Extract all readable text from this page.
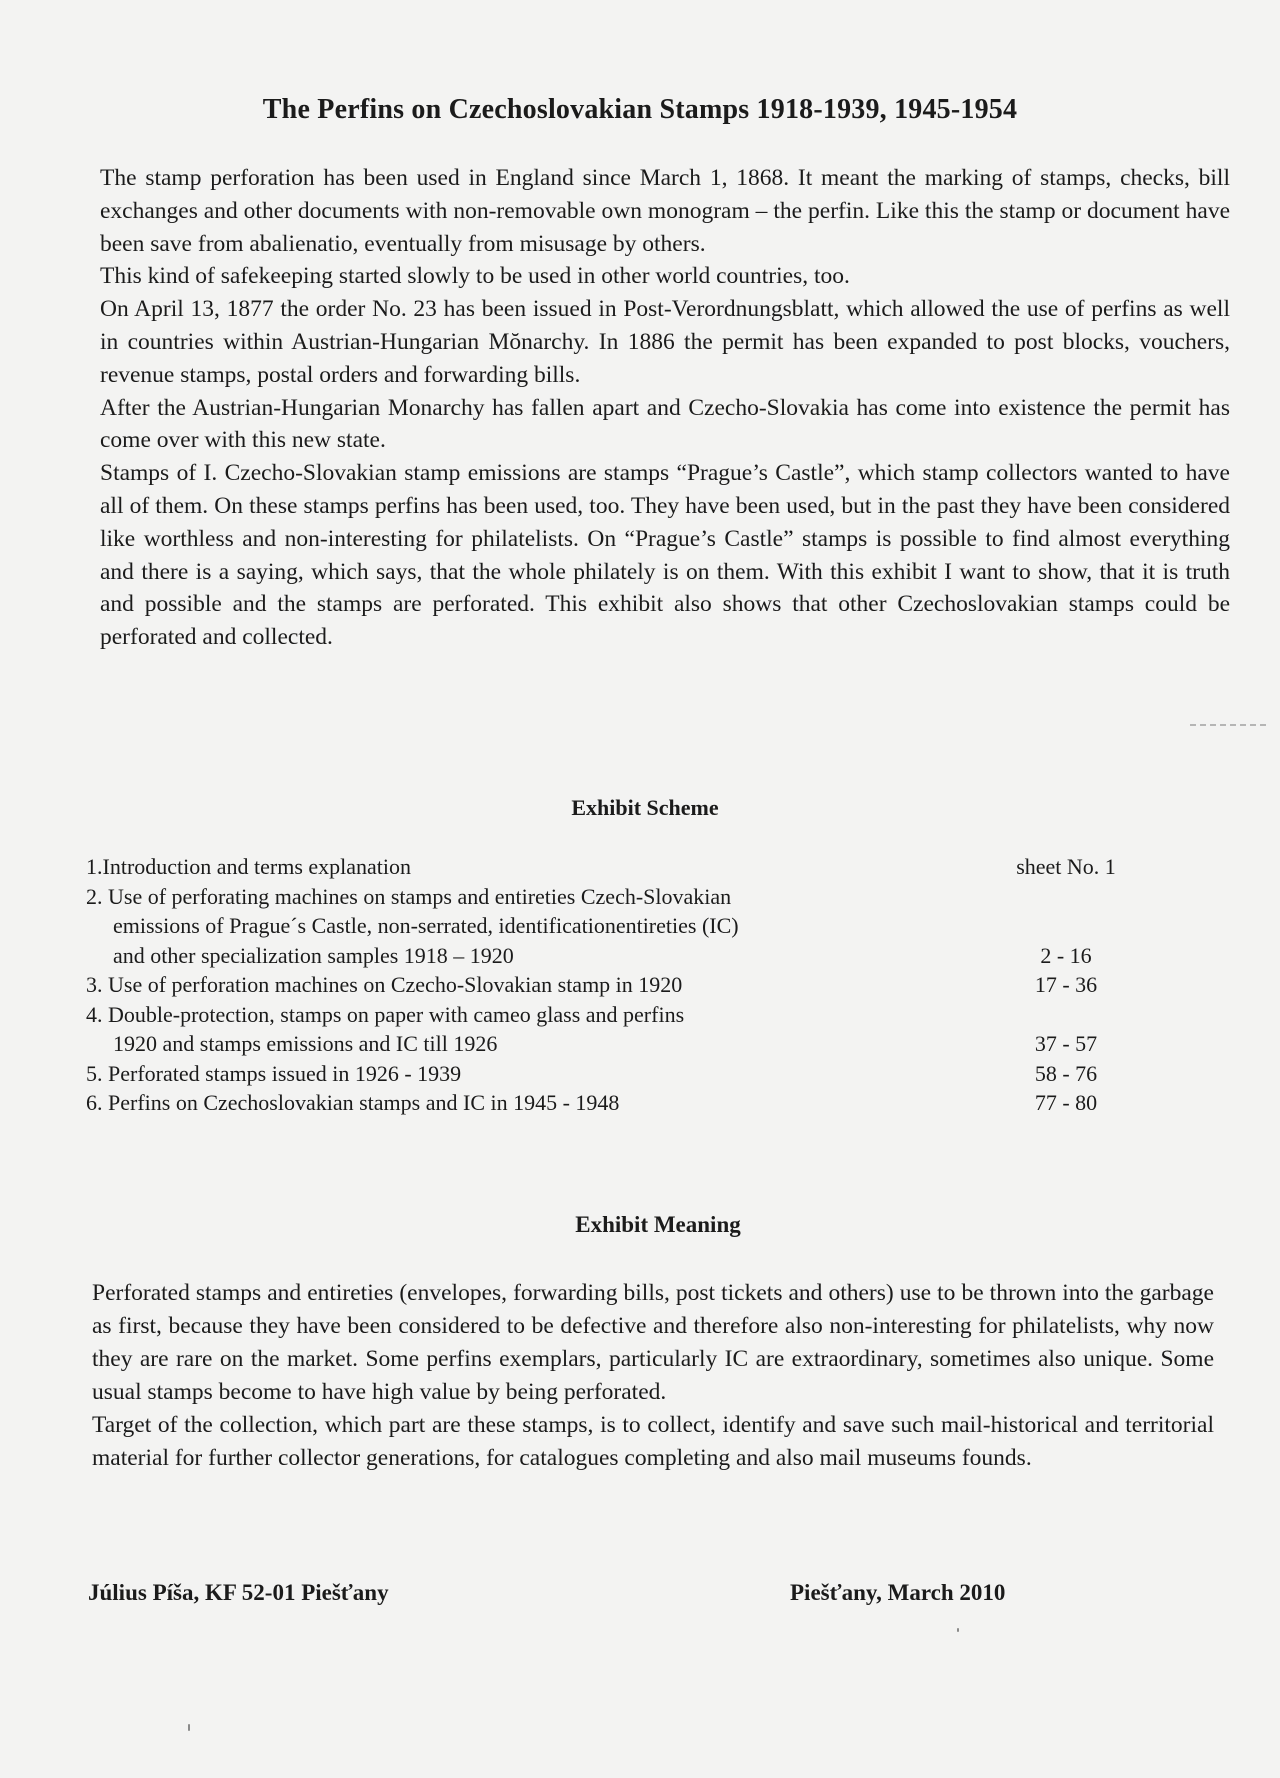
The Perfins on Czechoslovakian Stamps 1918-1939, 1945-1954

The stamp perforation has been used in England since March 1, 1868. It meant the marking of stamps, checks, bill exchanges and other documents with non-removable own monogram – the perfin. Like this the stamp or document have been save from abalienatio, eventually from misusage by others.

This kind of safekeeping started slowly to be used in other world countries, too.

On April 13, 1877 the order No. 23 has been issued in Post-Verordnungsblatt, which allowed the use of perfins as well in countries within Austrian-Hungarian Mŏnarchy. In 1886 the permit has been expanded to post blocks, vouchers, revenue stamps, postal orders and forwarding bills.

After the Austrian-Hungarian Monarchy has fallen apart and Czecho-Slovakia has come into existence the permit has come over with this new state.

Stamps of I. Czecho-Slovakian stamp emissions are stamps “Prague’s Castle”, which stamp collectors wanted to have all of them. On these stamps perfins has been used, too. They have been used, but in the past they have been considered like worthless and non-interesting for philatelists. On “Prague’s Castle” stamps is possible to find almost everything and there is a saying, which says, that the whole philately is on them. With this exhibit I want to show, that it is truth and possible and the stamps are perforated. This exhibit also shows that other Czechoslovakian stamps could be perforated and collected.

Exhibit Scheme
1.Introduction and terms explanation	sheet No. 1
2. Use of perforating machines on stamps and entireties Czech-Slovakian
emissions of Prague´s Castle, non-serrated, identificationentireties (IC)
and other specialization samples 1918 – 1920	2 - 16
3. Use of perforation machines on Czecho-Slovakian stamp in 1920	17 - 36
4. Double-protection, stamps on paper with cameo glass and perfins
1920 and stamps emissions and IC till 1926	37 - 57
5. Perforated stamps issued in 1926 - 1939	58 - 76
6. Perfins on Czechoslovakian stamps and IC in 1945 - 1948	77 - 80
Exhibit Meaning

Perforated stamps and entireties (envelopes, forwarding bills, post tickets and others) use to be thrown into the garbage as first, because they have been considered to be defective and therefore also non-interesting for philatelists, why now they are rare on the market. Some perfins exemplars, particularly IC are extraordinary, sometimes also unique. Some usual stamps become to have high value by being perforated.

Target of the collection, which part are these stamps, is to collect, identify and save such mail-historical and territorial material for further collector generations, for catalogues completing and also mail museums founds.

Július Píša, KF 52-01 Piešťany	Piešťany, March 2010
